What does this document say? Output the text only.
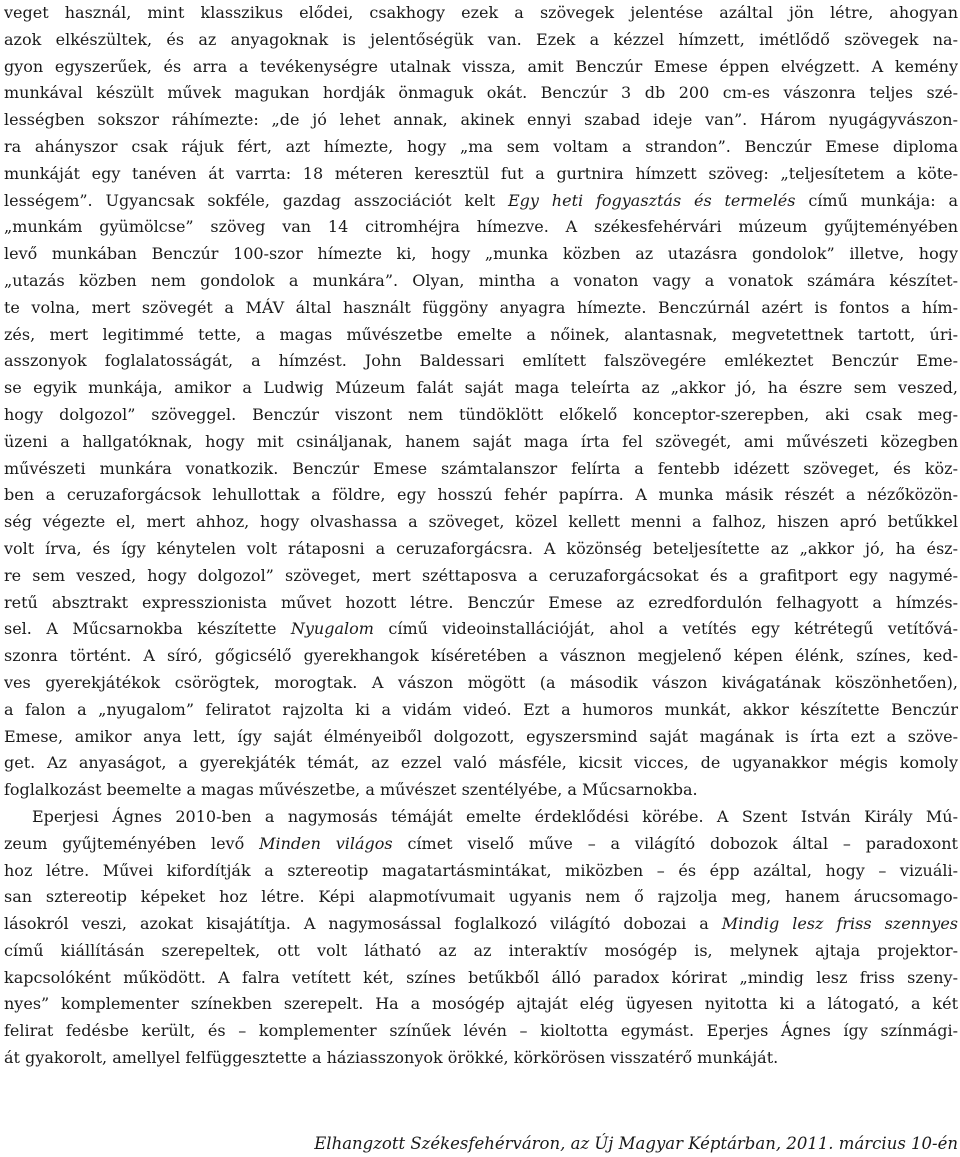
veget használ, mint klasszikus elődei, csakhogy ezek a szövegek jelentése azáltal jön létre, ahogyan
azok elkészültek, és az anyagoknak is jelentőségük van. Ezek a kézzel hímzett, imétlődő szövegek na-
gyon egyszerűek, és arra a tevékenységre utalnak vissza, amit Benczúr Emese éppen elvégzett. A kemény
munkával készült művek magukan hordják önmaguk okát. Benczúr 3 db 200 cm-es vászonra teljes szé-
lességben sokszor ráhímezte: „de jó lehet annak, akinek ennyi szabad ideje van”. Három nyugágyvászon-
ra ahányszor csak rájuk fért, azt hímezte, hogy „ma sem voltam a strandon”. Benczúr Emese diploma
munkáját egy tanéven át varrta: 18 méteren keresztül fut a gurtnira hímzett szöveg: „teljesítetem a köte-
lességem”. Ugyancsak sokféle, gazdag asszociációt kelt Egy heti fogyasztás és termelés című munkája: a
„munkám gyümölcse” szöveg van 14 citromhéjra hímezve. A székesfehérvári múzeum gyűjteményében
levő munkában Benczúr 100-szor hímezte ki, hogy „munka közben az utazásra gondolok” illetve, hogy
„utazás közben nem gondolok a munkára”. Olyan, mintha a vonaton vagy a vonatok számára készítet-
te volna, mert szövegét a MÁV által használt függöny anyagra hímezte. Benczúrnál azért is fontos a hím-
zés, mert legitimmé tette, a magas művészetbe emelte a nőinek, alantasnak, megvetettnek tartott, úri-
asszonyok foglalatosságát, a hímzést. John Baldessari említett falszövegére emlékeztet Benczúr Eme-
se egyik munkája, amikor a Ludwig Múzeum falát saját maga teleírta az „akkor jó, ha észre sem veszed,
hogy dolgozol” szöveggel. Benczúr viszont nem tündöklött előkelő konceptor-szerepben, aki csak meg-
üzeni a hallgatóknak, hogy mit csináljanak, hanem saját maga írta fel szövegét, ami művészeti közegben
művészeti munkára vonatkozik. Benczúr Emese számtalanszor felírta a fentebb idézett szöveget, és köz-
ben a ceruzaforgácsok lehullottak a földre, egy hosszú fehér papírra. A munka másik részét a nézőközön-
ség végezte el, mert ahhoz, hogy olvashassa a szöveget, közel kellett menni a falhoz, hiszen apró betűkkel
volt írva, és így kénytelen volt rátaposni a ceruzaforgácsra. A közönség beteljesítette az „akkor jó, ha ész-
re sem veszed, hogy dolgozol” szöveget, mert széttaposva a ceruzaforgácsokat és a grafitport egy nagymé-
retű absztrakt expresszionista művet hozott létre. Benczúr Emese az ezredfordulón felhagyott a hímzés-
sel. A Műcsarnokba készítette Nyugalom című videoinstallációját, ahol a vetítés egy kétrétegű vetítővá-
szonra történt. A síró, gőgicsélő gyerekhangok kíséretében a vásznon megjelenő képen élénk, színes, ked-
ves gyerekjátékok csörögtek, morogtak. A vászon mögött (a második vászon kivágatának köszönhetően),
a falon a „nyugalom” feliratot rajzolta ki a vidám videó. Ezt a humoros munkát, akkor készítette Benczúr
Emese, amikor anya lett, így saját élményeiből dolgozott, egyszersmind saját magának is írta ezt a szöve-
get. Az anyaságot, a gyerekjáték témát, az ezzel való másféle, kicsit vicces, de ugyanakkor mégis komoly
foglalkozást beemelte a magas művészetbe, a művészet szentélyébe, a Műcsarnokba.
Eperjesi Ágnes 2010-ben a nagymosás témáját emelte érdeklődési körébe. A Szent István Király Mú-
zeum gyűjteményében levő Minden világos címet viselő műve – a világító dobozok által – paradoxont
hoz létre. Művei kifordítják a sztereotip magatartásmintákat, miközben – és épp azáltal, hogy – vizuáli-
san sztereotip képeket hoz létre. Képi alapmotívumait ugyanis nem ő rajzolja meg, hanem árucsomago-
lásokról veszi, azokat kisajátítja. A nagymosással foglalkozó világító dobozai a Mindig lesz friss szennyes
című kiállításán szerepeltek, ott volt látható az az interaktív mosógép is, melynek ajtaja projektor-
kapcsolóként működött. A falra vetített két, színes betűkből álló paradox kórirat „mindig lesz friss szeny-
nyes” komplementer színekben szerepelt. Ha a mosógép ajtaját elég ügyesen nyitotta ki a látogató, a két
felirat fedésbe került, és – komplementer színűek lévén – kioltotta egymást. Eperjes Ágnes így színmági-
át gyakorolt, amellyel felfüggesztette a háziasszonyok örökké, körkörösen visszatérő munkáját.
Elhangzott Székesfehérváron, az Új Magyar Képtárban, 2011. március 10-én
